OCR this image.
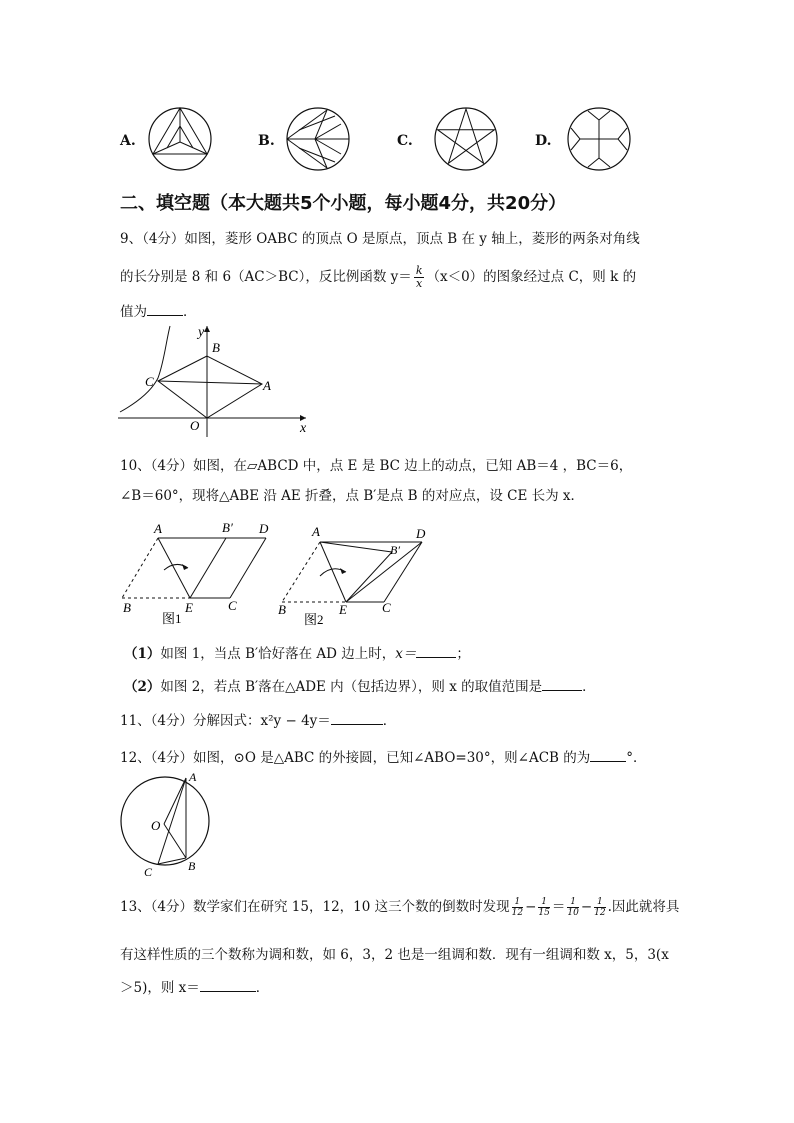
A.	B.	C.	D.
二、填空题（本大题共5个小题，每小题4分，共20分）
9、（4分）如图，菱形 OABC 的顶点 O 是原点，顶点 B 在 y 轴上，菱形的两条对角线
的长分别是 8 和 6（AC＞BC），反比例函数 $y= \frac{k}{x} (x<0)$的图象经过点 C，则 k 的
值为	．
y
x
B
C	A
O
10、（4分）如图，在▱ABCD 中，点 E 是 BC 边上的动点，已知 AB＝4 ，BC＝6，
∠B＝60°，现将△ABE 沿 AE 折叠，点 B′是点 B 的对应点，设 CE 长为 x．
A	B′ D
B	E	C
图1
A
B′
D
B	E	C
图2
（1）如图 1，当点 B′恰好落在 AD 边上时，x＝	；
（2）如图 2，若点 B′落在△ADE 内（包括边界），则 x 的取值范围是	．
11、（4分）分解因式：x²y − 4y＝	．
12、（4分）如图，⊙O 是△ABC 的外接圆，已知∠ABO=30°，则∠ACB 的为	°．
A
O
B
C
13、（4分）数学家们在研究 15，12，10 这三个数的倒数时发现 $\frac{1}{12} - \frac{1}{15} = \frac{1}{10} - \frac{1}{12}$ .因此就将具
有这样性质的三个数称为调和数，如 6，3，2 也是一组调和数．现有一组调和数 x，5，3(x
＞5)，则 x＝	．
